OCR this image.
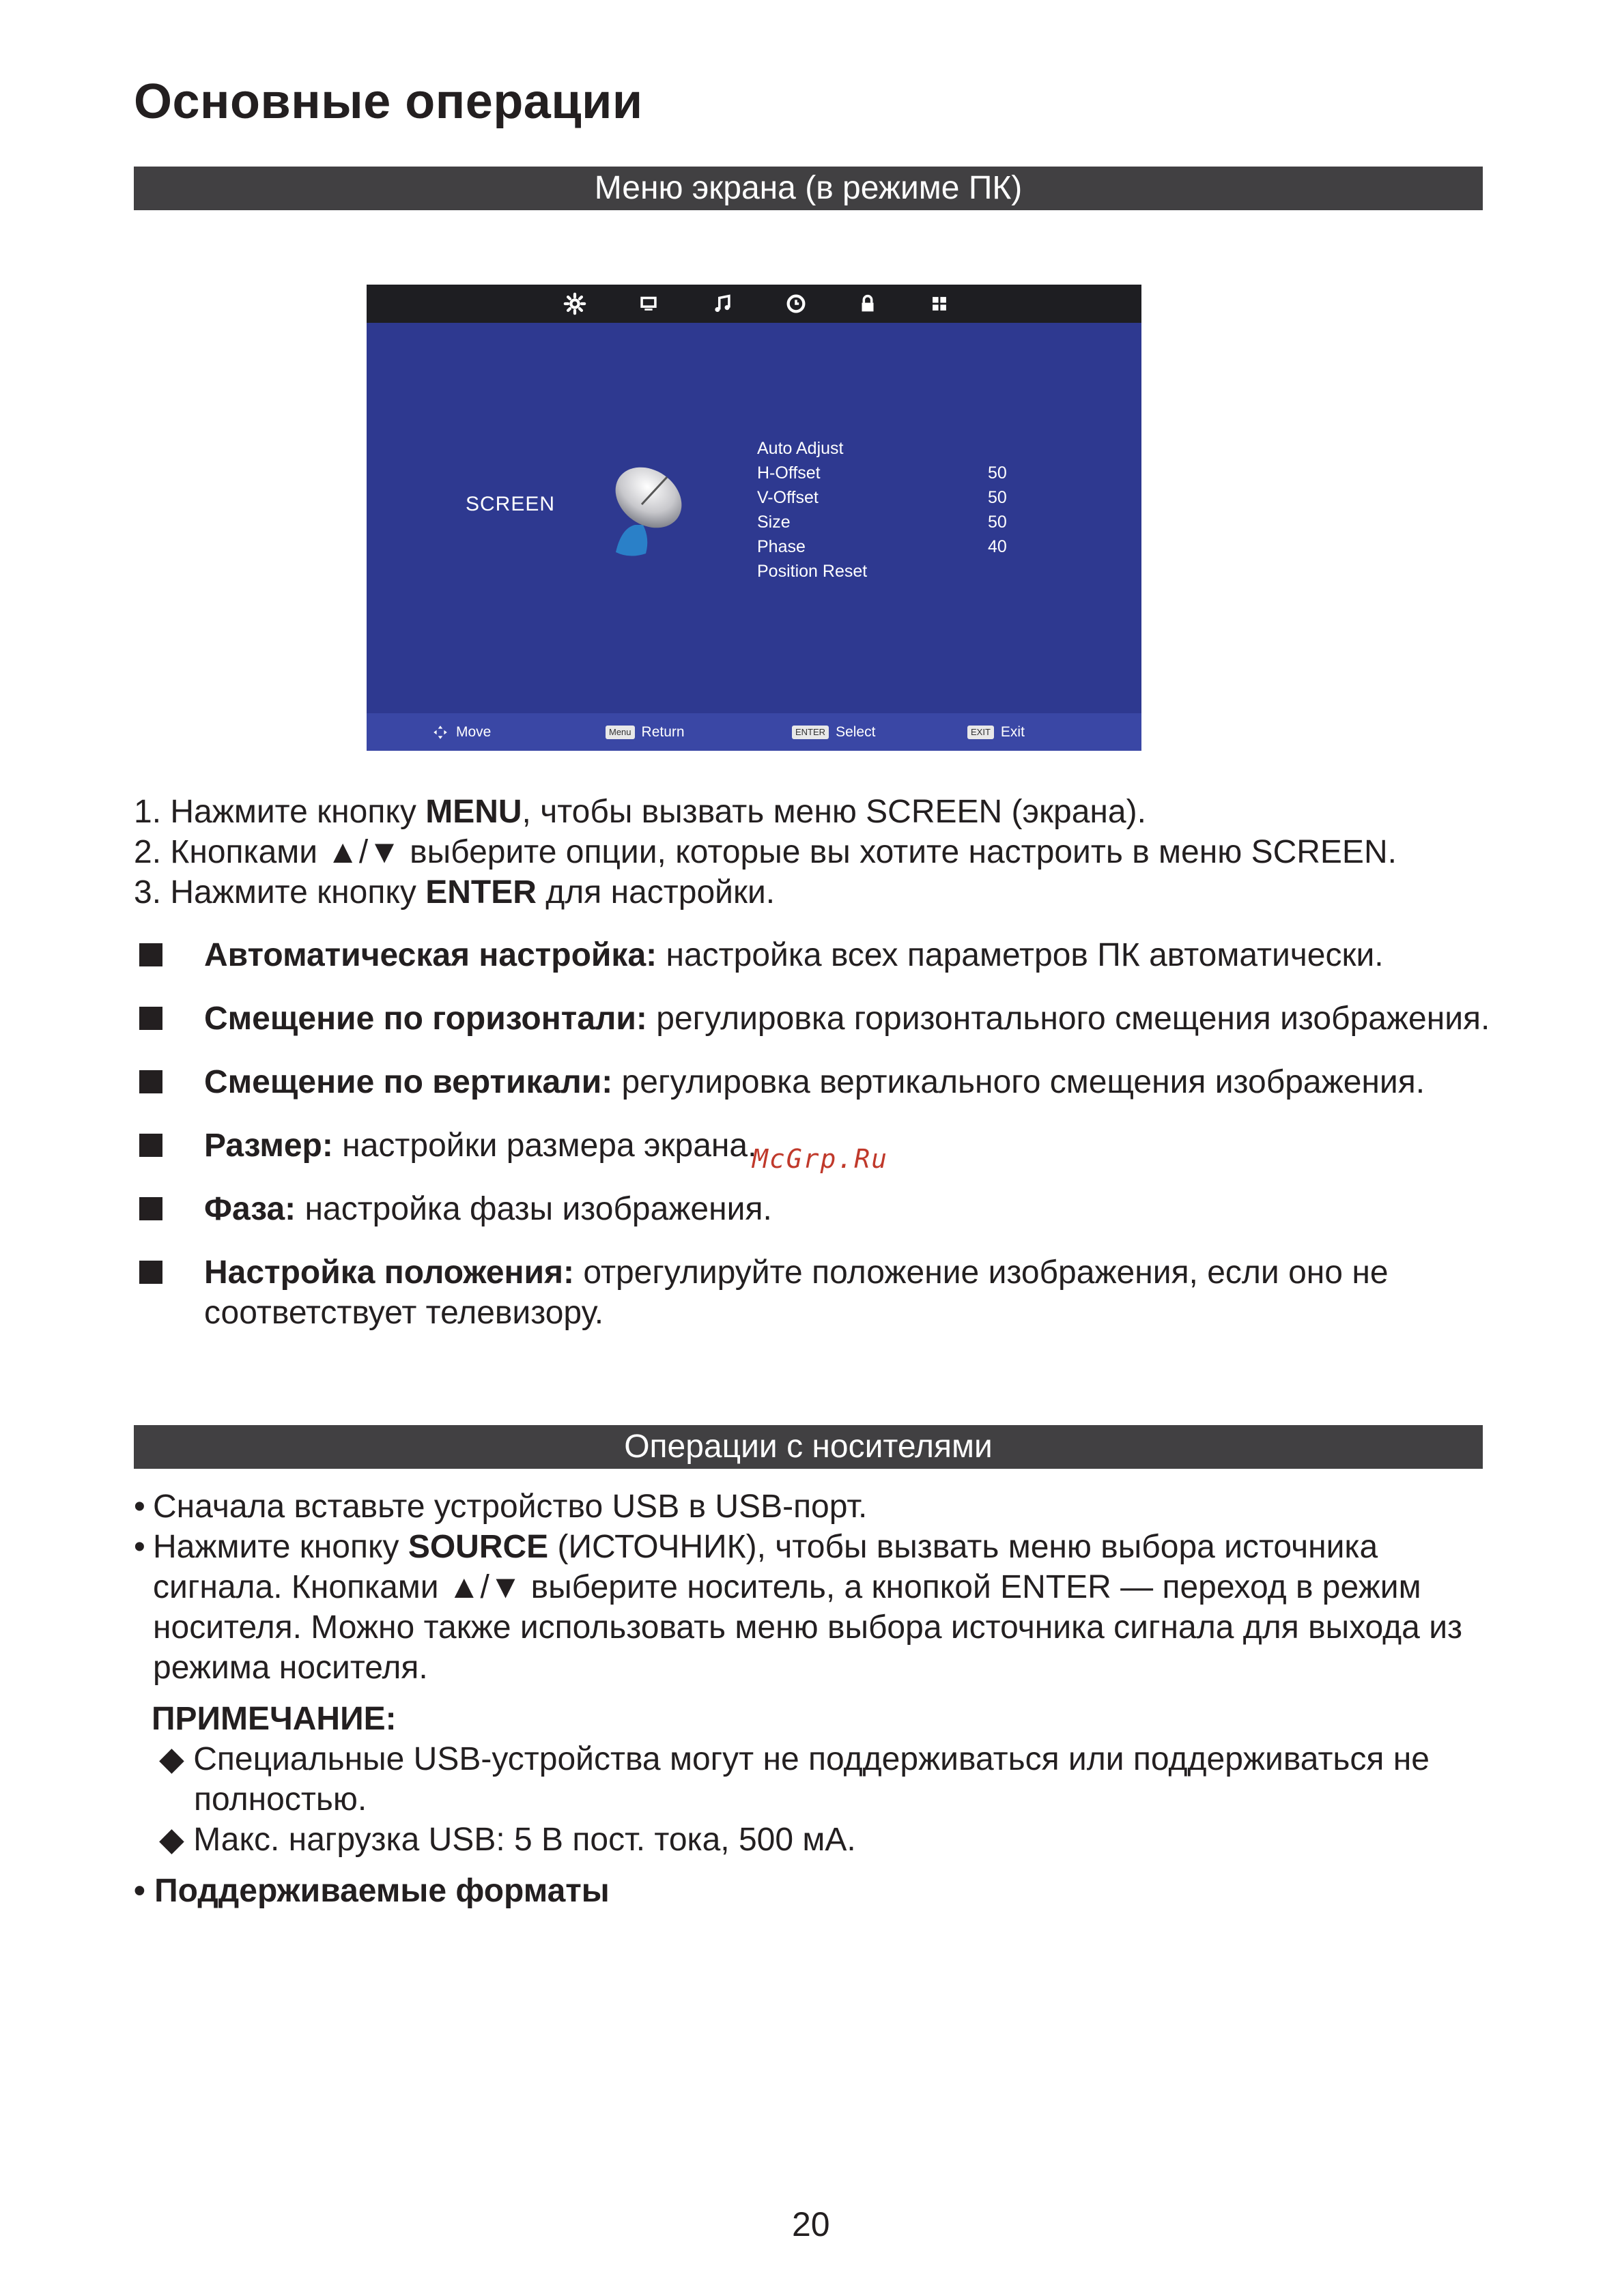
Основные операции
Меню экрана (в режиме ПК)
SCREEN
Auto Adjust
H-Offset	50
V-Offset	50
Size	50
Phase	40
Position Reset
Move	Menu Return	ENTER Select	EXIT Exit
1. Нажмите кнопку MENU, чтобы вызвать меню SCREEN (экрана).
2. Кнопками ▲/▼ выберите опции, которые вы хотите настроить в меню SCREEN.
3. Нажмите кнопку ENTER для настройки.
Автоматическая настройка: настройка всех параметров ПК автоматически.
Смещение по горизонтали: регулировка горизонтального смещения изображения.
Смещение по вертикали: регулировка вертикального смещения изображения.
Размер: настройки размера экрана.
Фаза: настройка фазы изображения.
Настройка положения: отрегулируйте положение изображения, если оно не соответствует телевизору.
McGrp.Ru
Операции с носителями
• Сначала вставьте устройство USB в USB-порт.
• Нажмите кнопку SOURCE (ИСТОЧНИК), чтобы вызвать меню выбора источника сигнала. Кнопками ▲/▼ выберите носитель, а кнопкой ENTER — переход в режим носителя. Можно также использовать меню выбора источника сигнала для выхода из режима носителя.
ПРИМЕЧАНИЕ:
◆ Специальные USB-устройства могут не поддерживаться или поддерживаться не полностью.
◆ Макс. нагрузка USB: 5 В пост. тока, 500 мА.
• Поддерживаемые форматы
20
